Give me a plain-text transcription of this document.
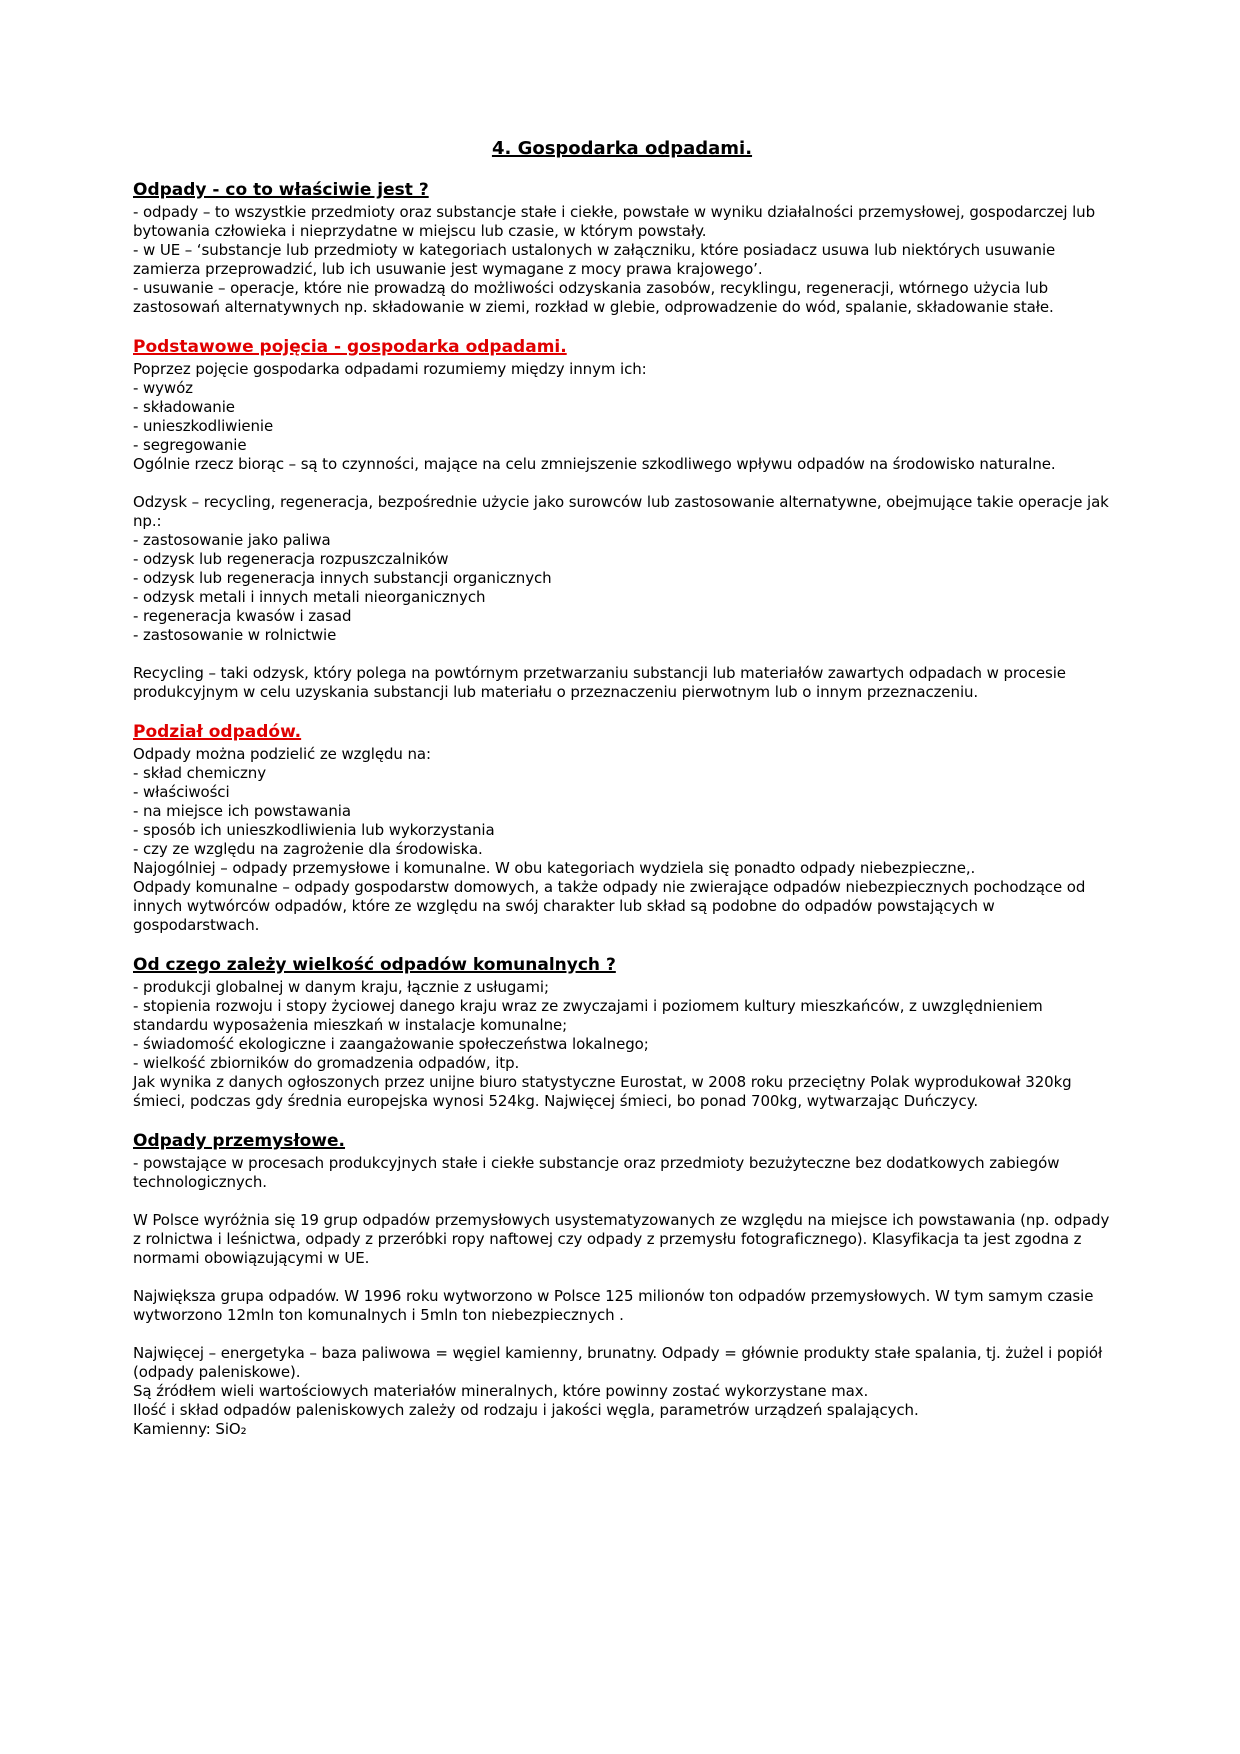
4. Gospodarka odpadami.
Odpady - co to właściwie jest ?

- odpady – to wszystkie przedmioty oraz substancje stałe i ciekłe, powstałe w wyniku działalności przemysłowej, gospodarczej lub bytowania człowieka i nieprzydatne w miejscu lub czasie, w którym powstały.

- w UE – ‘substancje lub przedmioty w kategoriach ustalonych w załączniku, które posiadacz usuwa lub niektórych usuwanie zamierza przeprowadzić, lub ich usuwanie jest wymagane z mocy prawa krajowego’.

- usuwanie – operacje, które nie prowadzą do możliwości odzyskania zasobów, recyklingu, regeneracji, wtórnego użycia lub zastosowań alternatywnych np. składowanie w ziemi, rozkład w glebie, odprowadzenie do wód, spalanie, składowanie stałe.

Podstawowe pojęcia - gospodarka odpadami.

Poprzez pojęcie gospodarka odpadami rozumiemy między innym ich:

- wywóz

- składowanie

- unieszkodliwienie

- segregowanie

Ogólnie rzecz biorąc – są to czynności, mające na celu zmniejszenie szkodliwego wpływu odpadów na środowisko naturalne.

Odzysk – recycling, regeneracja, bezpośrednie użycie jako surowców lub zastosowanie alternatywne, obejmujące takie operacje jak np.:

- zastosowanie jako paliwa

- odzysk lub regeneracja rozpuszczalników

- odzysk lub regeneracja innych substancji organicznych

- odzysk metali i innych metali nieorganicznych

- regeneracja kwasów i zasad

- zastosowanie w rolnictwie

Recycling – taki odzysk, który polega na powtórnym przetwarzaniu substancji lub materiałów zawartych odpadach w procesie produkcyjnym w celu uzyskania substancji lub materiału o przeznaczeniu pierwotnym lub o innym przeznaczeniu.

Podział odpadów.

Odpady można podzielić ze względu na:

- skład chemiczny

- właściwości

- na miejsce ich powstawania

- sposób ich unieszkodliwienia lub wykorzystania

- czy ze względu na zagrożenie dla środowiska.

Najogólniej – odpady przemysłowe i komunalne. W obu kategoriach wydziela się ponadto odpady niebezpieczne,.

Odpady komunalne – odpady gospodarstw domowych, a także odpady nie zwierające odpadów niebezpiecznych pochodzące od innych wytwórców odpadów, które ze względu na swój charakter lub skład są podobne do odpadów powstających w gospodarstwach.

Od czego zależy wielkość odpadów komunalnych ?

- produkcji globalnej w danym kraju, łącznie z usługami;

- stopienia rozwoju i stopy życiowej danego kraju wraz ze zwyczajami i poziomem kultury mieszkańców, z uwzględnieniem standardu wyposażenia mieszkań w instalacje komunalne;

- świadomość ekologiczne i zaangażowanie społeczeństwa lokalnego;

- wielkość zbiorników do gromadzenia odpadów, itp.

Jak wynika z danych ogłoszonych przez unijne biuro statystyczne Eurostat, w 2008 roku przeciętny Polak wyprodukował 320kg śmieci, podczas gdy średnia europejska wynosi 524kg. Najwięcej śmieci, bo ponad 700kg, wytwarzając Duńczycy.

Odpady przemysłowe.

- powstające w procesach produkcyjnych stałe i ciekłe substancje oraz przedmioty bezużyteczne bez dodatkowych zabiegów technologicznych.

W Polsce wyróżnia się 19 grup odpadów przemysłowych usystematyzowanych ze względu na miejsce ich powstawania (np. odpady z rolnictwa i leśnictwa, odpady z przeróbki ropy naftowej czy odpady z przemysłu fotograficznego). Klasyfikacja ta jest zgodna z normami obowiązującymi w UE.

Największa grupa odpadów. W 1996 roku wytworzono w Polsce 125 milionów ton odpadów przemysłowych. W tym samym czasie wytworzono 12mln ton komunalnych i 5mln ton niebezpiecznych .

Najwięcej – energetyka – baza paliwowa = węgiel kamienny, brunatny. Odpady = głównie produkty stałe spalania, tj. żużel i popiół (odpady paleniskowe).

Są źródłem wieli wartościowych materiałów mineralnych, które powinny zostać wykorzystane max.

Ilość i skład odpadów paleniskowych zależy od rodzaju i jakości węgla, parametrów urządzeń spalających.

Kamienny: SiO₂
